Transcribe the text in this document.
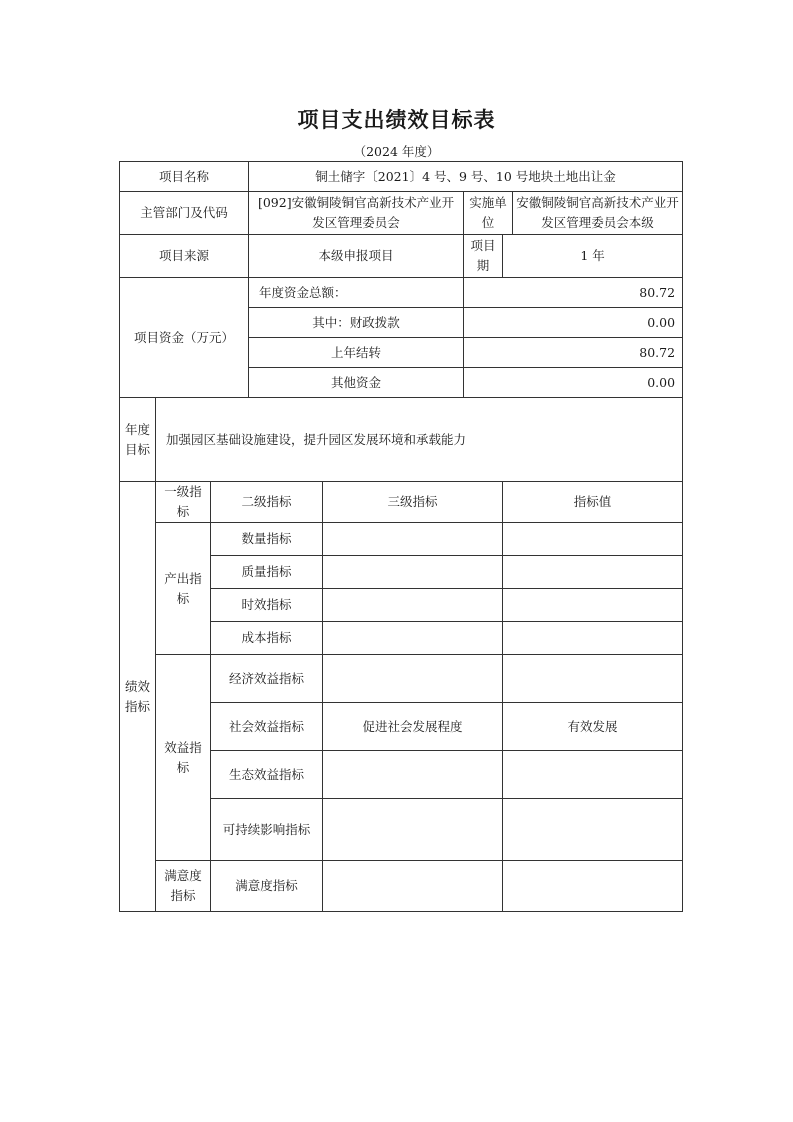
项目支出绩效目标表
（2024 年度）
项目名称			铜土储字〔2021〕4 号、9 号、10 号地块土地出让金				
主管部门及代码			[092]安徽铜陵铜官高新技术产业开发区管理委员会		实施单位		安徽铜陵铜官高新技术产业开发区管理委员会本级
项目来源			本级申报项目		项目期	1 年	
项目资金（万元）			年度资金总额：		80.72		
			其中：财政拨款		0.00		
			上年结转		80.72		
			其他资金		0.00		
年度目标	加强园区基础设施建设，提升园区发展环境和承载能力						
绩效指标	一级指标	二级指标		三级指标		指标值	
	产出指标	数量指标					
		质量指标					
		时效指标					
		成本指标					
	效益指标	经济效益指标					
		社会效益指标		促进社会发展程度		有效发展	
		生态效益指标					
		可持续影响指标					
	满意度指标	满意度指标					
